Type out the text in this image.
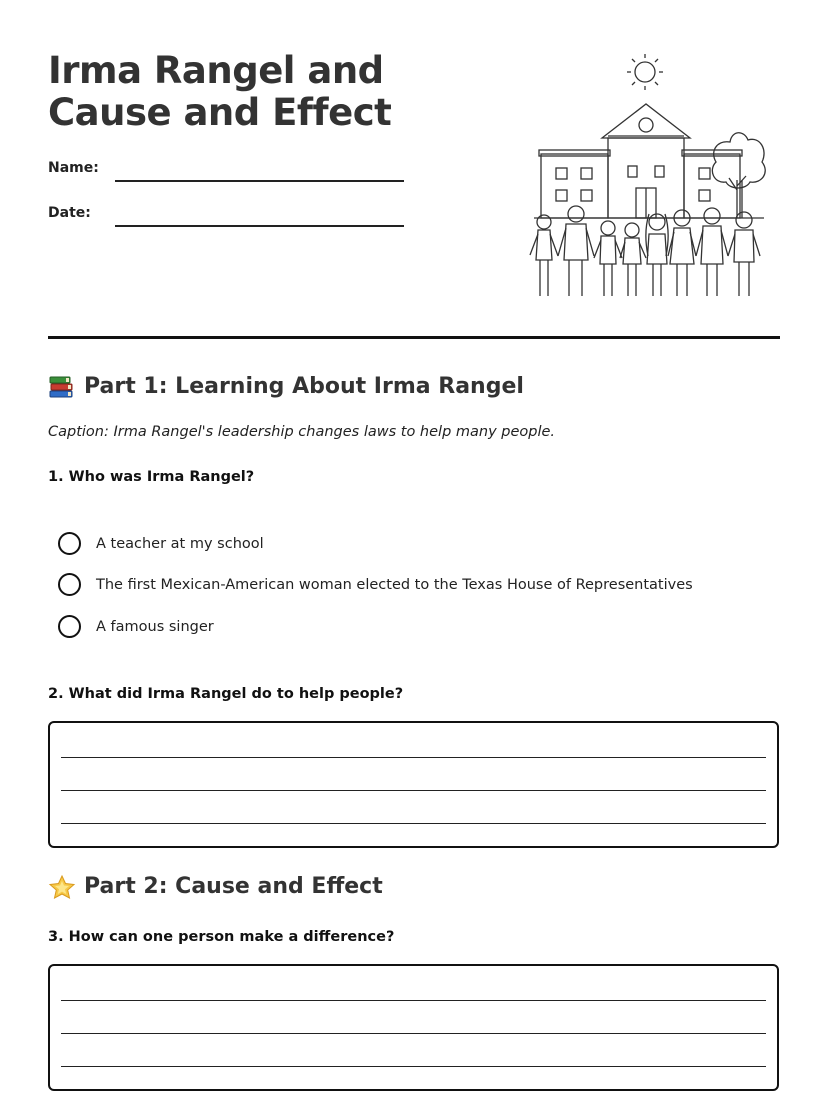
Irma Rangel and Cause and Effect
Name:
Date:
Part 1: Learning About Irma Rangel
Caption: Irma Rangel's leadership changes laws to help many people.
1. Who was Irma Rangel?
A teacher at my school
The first Mexican-American woman elected to the Texas House of Representatives
A famous singer
2. What did Irma Rangel do to help people?
Part 2: Cause and Effect
3. How can one person make a difference?
